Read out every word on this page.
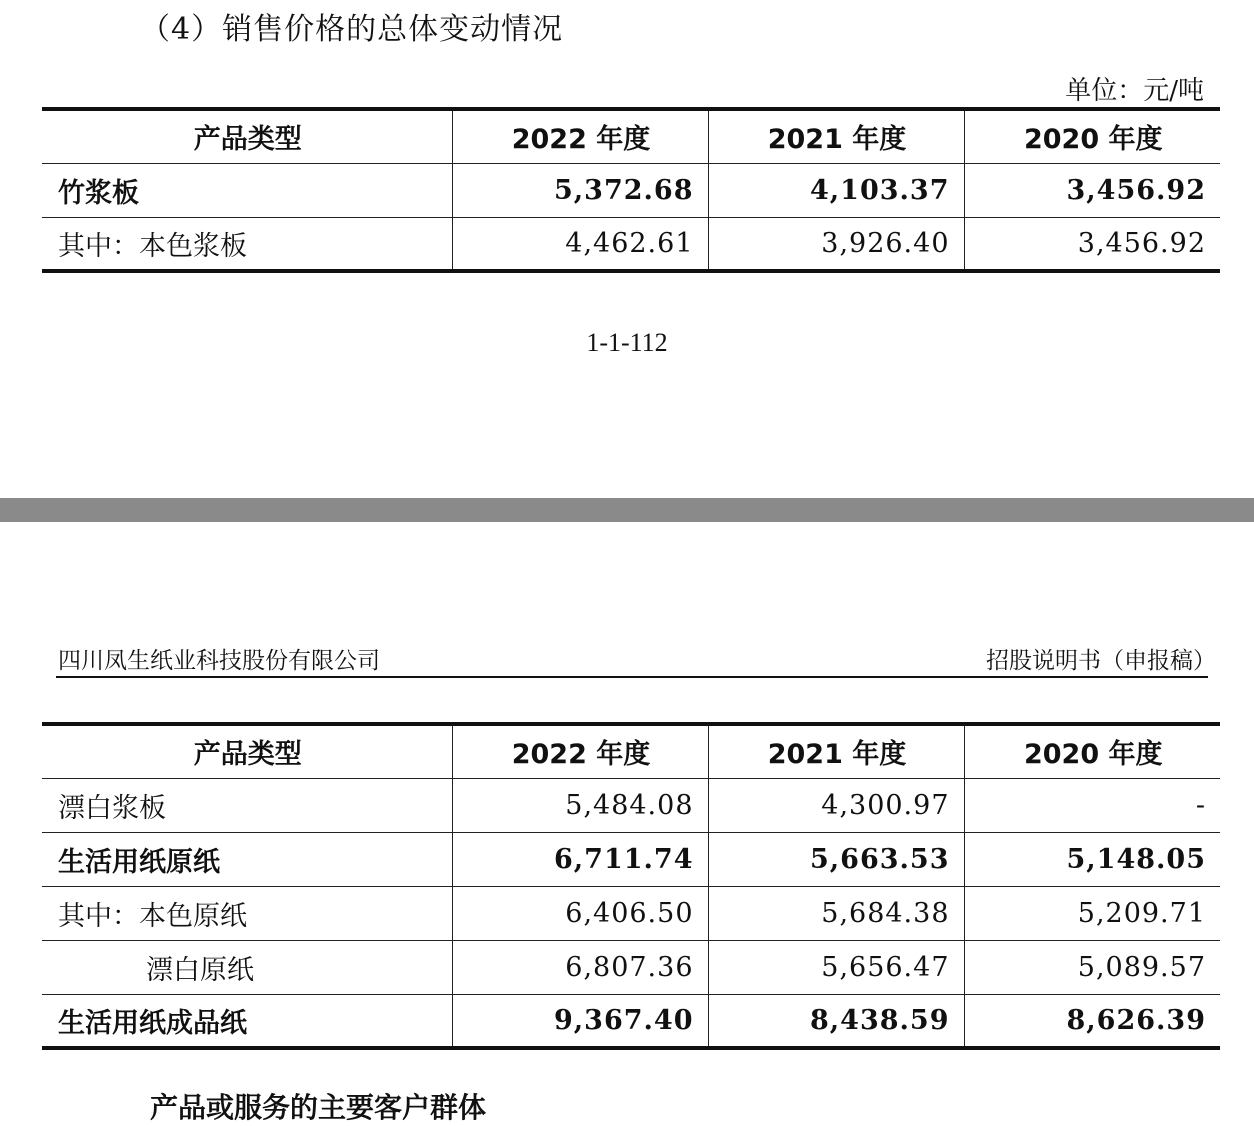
（4）销售价格的总体变动情况
单位：元/吨
产品类型	2022 年度	2021 年度	2020 年度
竹浆板	5,372.68	4,103.37	3,456.92
其中：本色浆板	4,462.61	3,926.40	3,456.92
1-1-112
四川凤生纸业科技股份有限公司	招股说明书（申报稿）
产品类型	2022 年度	2021 年度	2020 年度
漂白浆板	5,484.08	4,300.97	-
生活用纸原纸	6,711.74	5,663.53	5,148.05
其中：本色原纸	6,406.50	5,684.38	5,209.71
漂白原纸	6,807.36	5,656.47	5,089.57
生活用纸成品纸	9,367.40	8,438.59	8,626.39
产品或服务的主要客户群体
